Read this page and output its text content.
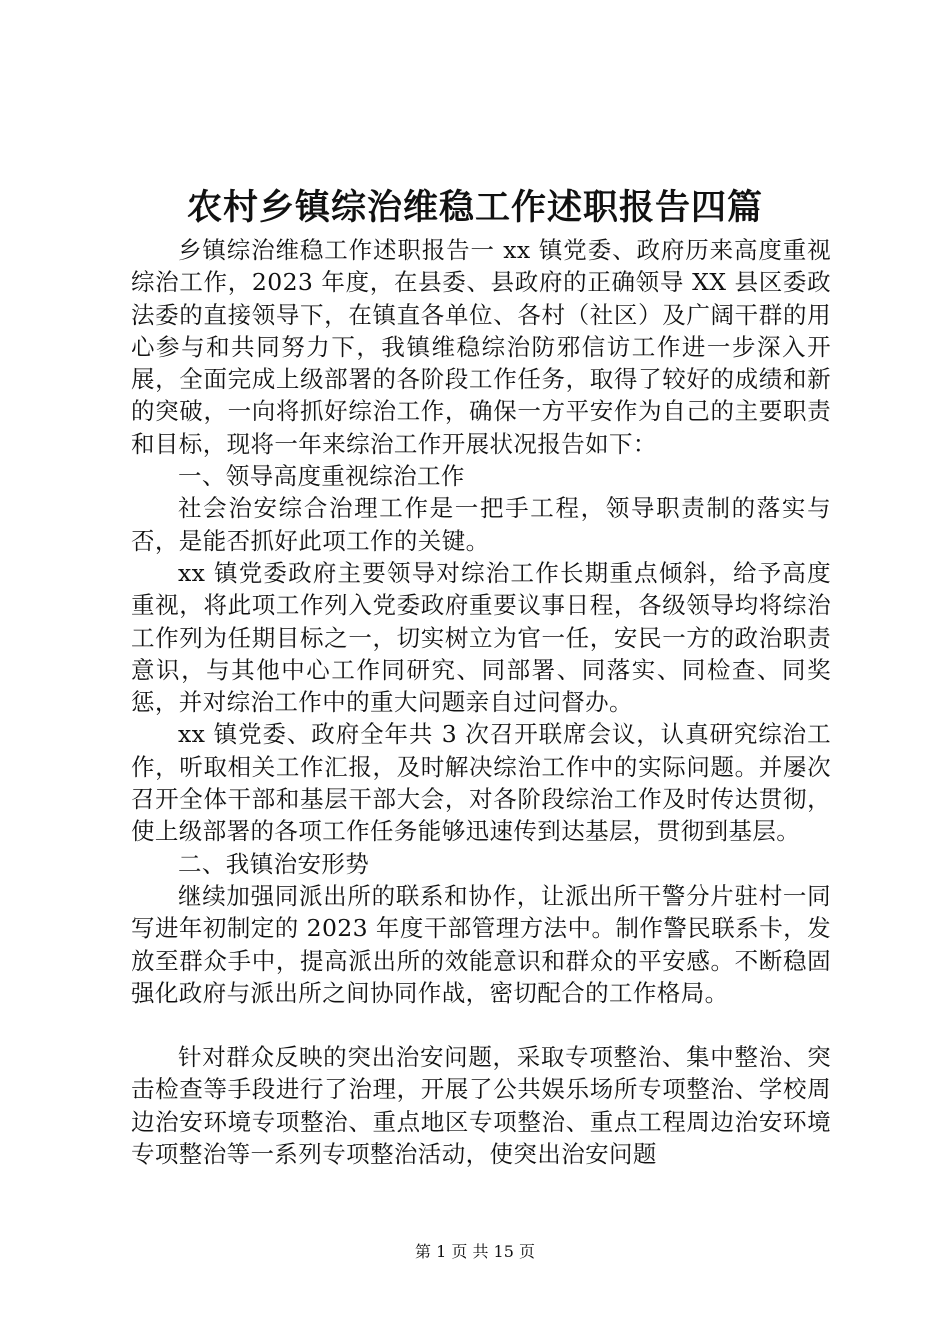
农村乡镇综治维稳工作述职报告四篇

乡镇综治维稳工作述职报告一 xx 镇党委、政府历来高度重视综治工作，2023 年度，在县委、县政府的正确领导 XX 县区委政法委的直接领导下，在镇直各单位、各村（社区）及广阔干群的用心参与和共同努力下，我镇维稳综治防邪信访工作进一步深入开展，全面完成上级部署的各阶段工作任务，取得了较好的成绩和新的突破，一向将抓好综治工作，确保一方平安作为自己的主要职责和目标，现将一年来综治工作开展状况报告如下：

一、领导高度重视综治工作

社会治安综合治理工作是一把手工程，领导职责制的落实与否，是能否抓好此项工作的关键。

xx 镇党委政府主要领导对综治工作长期重点倾斜，给予高度重视，将此项工作列入党委政府重要议事日程，各级领导均将综治工作列为任期目标之一，切实树立为官一任，安民一方的政治职责意识，与其他中心工作同研究、同部署、同落实、同检查、同奖惩，并对综治工作中的重大问题亲自过问督办。

xx 镇党委、政府全年共 3 次召开联席会议，认真研究综治工作，听取相关工作汇报，及时解决综治工作中的实际问题。并屡次召开全体干部和基层干部大会，对各阶段综治工作及时传达贯彻，使上级部署的各项工作任务能够迅速传到达基层，贯彻到基层。

二、我镇治安形势

继续加强同派出所的联系和协作，让派出所干警分片驻村一同写进年初制定的 2023 年度干部管理方法中。制作警民联系卡，发放至群众手中，提高派出所的效能意识和群众的平安感。不断稳固强化政府与派出所之间协同作战，密切配合的工作格局。

针对群众反映的突出治安问题，采取专项整治、集中整治、突击检查等手段进行了治理，开展了公共娱乐场所专项整治、学校周边治安环境专项整治、重点地区专项整治、重点工程周边治安环境专项整治等一系列专项整治活动，使突出治安问题

第 1 页 共 15 页
